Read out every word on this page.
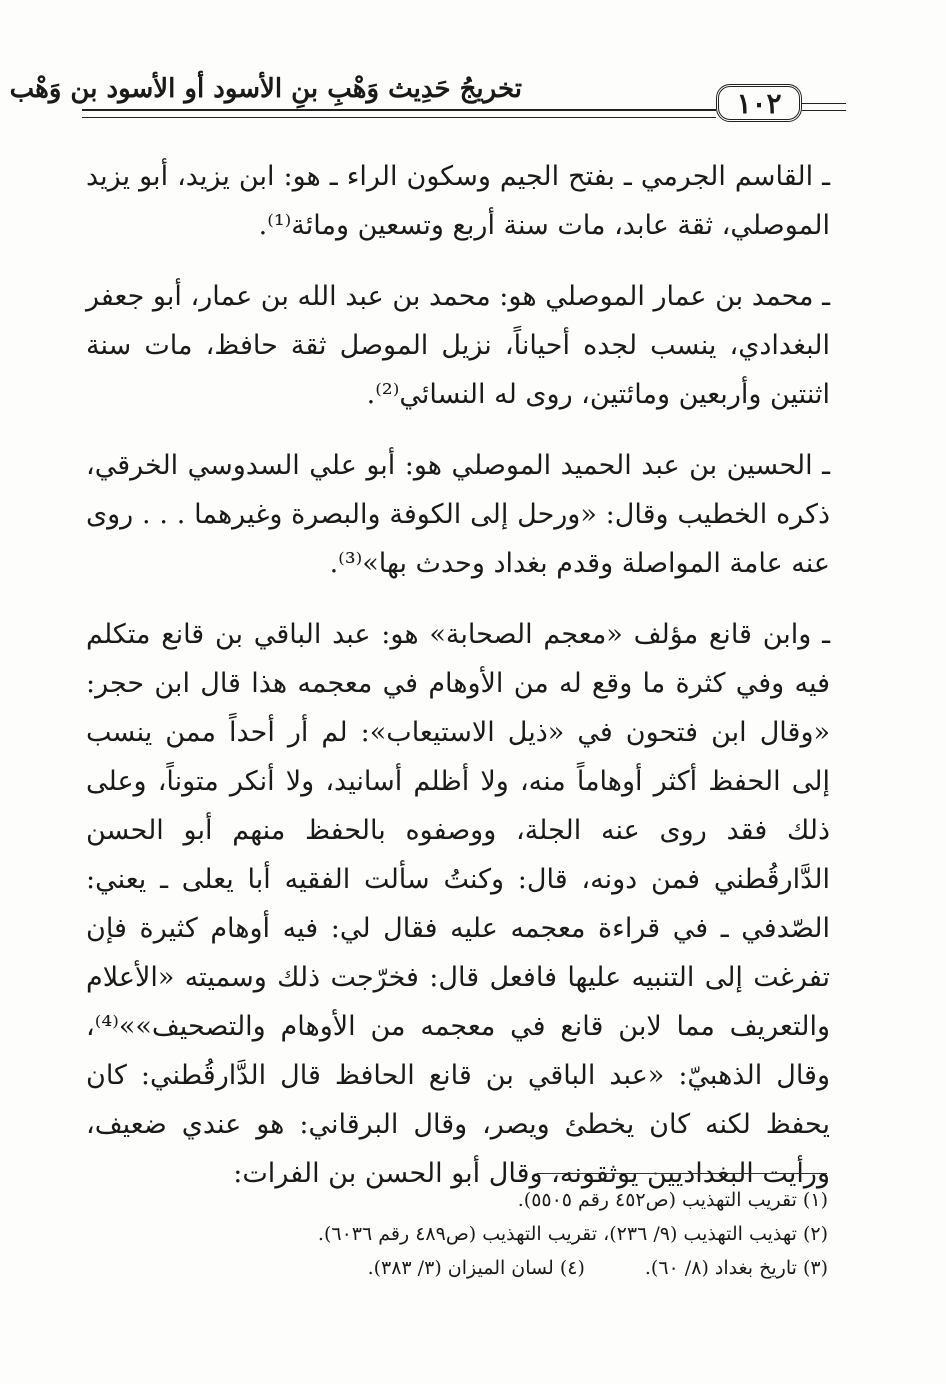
تخريجُ حَدِيث وَهْبِ بنِ الأسود أو الأسود بن وَهْب	١٠٢

ـ القاسم الجرمي ـ بفتح الجيم وسكون الراء ـ هو: ابن يزيد، أبو يزيد الموصلي، ثقة عابد، مات سنة أربع وتسعين ومائة⁽¹⁾.

ـ محمد بن عمار الموصلي هو: محمد بن عبد الله بن عمار، أبو جعفر البغدادي، ينسب لجده أحياناً، نزيل الموصل ثقة حافظ، مات سنة اثنتين وأربعين ومائتين، روى له النسائي⁽²⁾.

ـ الحسين بن عبد الحميد الموصلي هو: أبو علي السدوسي الخرقي، ذكره الخطيب وقال: «ورحل إلى الكوفة والبصرة وغيرهما . . . روى عنه عامة المواصلة وقدم بغداد وحدث بها»⁽³⁾.

ـ وابن قانع مؤلف «معجم الصحابة» هو: عبد الباقي بن قانع متكلم فيه وفي كثرة ما وقع له من الأوهام في معجمه هذا قال ابن حجر: «وقال ابن فتحون في «ذيل الاستيعاب»: لم أر أحداً ممن ينسب إلى الحفظ أكثر أوهاماً منه، ولا أظلم أسانيد، ولا أنكر متوناً، وعلى ذلك فقد روى عنه الجلة، ووصفوه بالحفظ منهم أبو الحسن الدَّارقُطني فمن دونه، قال: وكنتُ سألت الفقيه أبا يعلى ـ يعني: الصّدفي ـ في قراءة معجمه عليه فقال لي: فيه أوهام كثيرة فإن تفرغت إلى التنبيه عليها فافعل قال: فخرّجت ذلك وسميته «الأعلام والتعريف مما لابن قانع في معجمه من الأوهام والتصحيف»»⁽⁴⁾، وقال الذهبيّ: «عبد الباقي بن قانع الحافظ قال الدَّارقُطني: كان يحفظ لكنه كان يخطئ ويصر، وقال البرقاني: هو عندي ضعيف، ورأيت البغداديين يوثقونه، وقال أبو الحسن بن الفرات:

(١) تقريب التهذيب (ص٤٥٢ رقم ٥٥٠٥).
(٢) تهذيب التهذيب (٩/ ٢٣٦)، تقريب التهذيب (ص٤٨٩ رقم ٦٠٣٦).
(٣) تاريخ بغداد (٨/ ٦٠).(٤) لسان الميزان (٣/ ٣٨٣).
